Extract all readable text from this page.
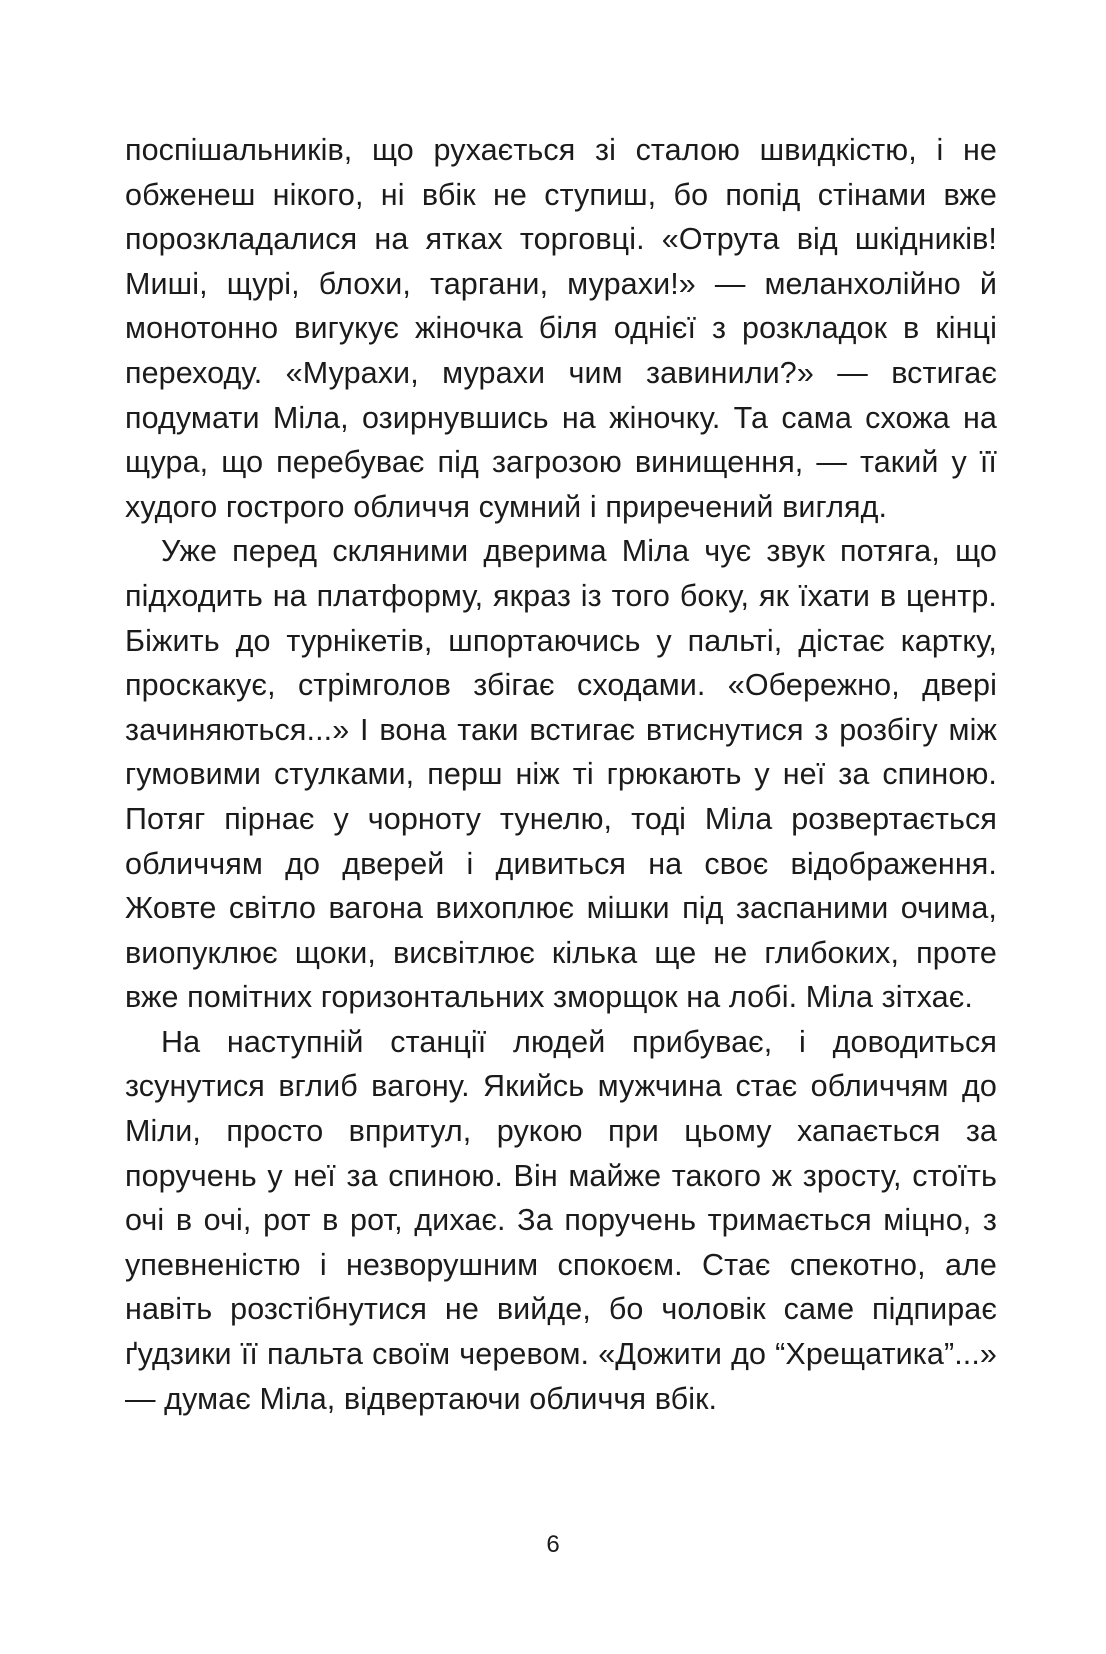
поспішальників, що рухається зі сталою швидкістю, і не обженеш нікого, ні вбік не ступиш, бо попід стінами вже порозкладалися на ятках торговці. «Отрута від шкідників! Миші, щурі, блохи, таргани, мурахи!» — меланхолійно й монотонно вигукує жіночка біля однієї з розкладок в кінці переходу. «Мурахи, мурахи чим завинили?» — встигає подумати Міла, озирнувшись на жіночку. Та сама схожа на щура, що перебуває під загрозою винищення, — такий у її худого гострого обличчя сумний і приречений вигляд.

Уже перед скляними дверима Міла чує звук потяга, що підходить на платформу, якраз із того боку, як їхати в центр. Біжить до турнікетів, шпортаючись у пальті, дістає картку, проскакує, стрімголов збігає сходами. «Обережно, двері зачиняються...» І вона таки встигає втиснутися з розбігу між гумовими стулками, перш ніж ті грюкають у неї за спиною. Потяг пірнає у чорноту тунелю, тоді Міла розвертається обличчям до дверей і дивиться на своє відображення. Жовте світло вагона вихоплює мішки під заспаними очима, виопуклює щоки, висвітлює кілька ще не глибоких, проте вже помітних горизонтальних зморщок на лобі. Міла зітхає.

На наступній станції людей прибуває, і доводиться зсунутися вглиб вагону. Якийсь мужчина стає обличчям до Міли, просто впритул, рукою при цьому хапається за поручень у неї за спиною. Він майже такого ж зросту, стоїть очі в очі, рот в рот, дихає. За поручень тримається міцно, з упевненістю і незворушним спокоєм. Стає спекотно, але навіть розстібнутися не вийде, бо чоловік саме підпирає ґудзики її пальта своїм черевом. «Дожити до “Хрещатика”...» — думає Міла, відвертаючи обличчя вбік.

6
